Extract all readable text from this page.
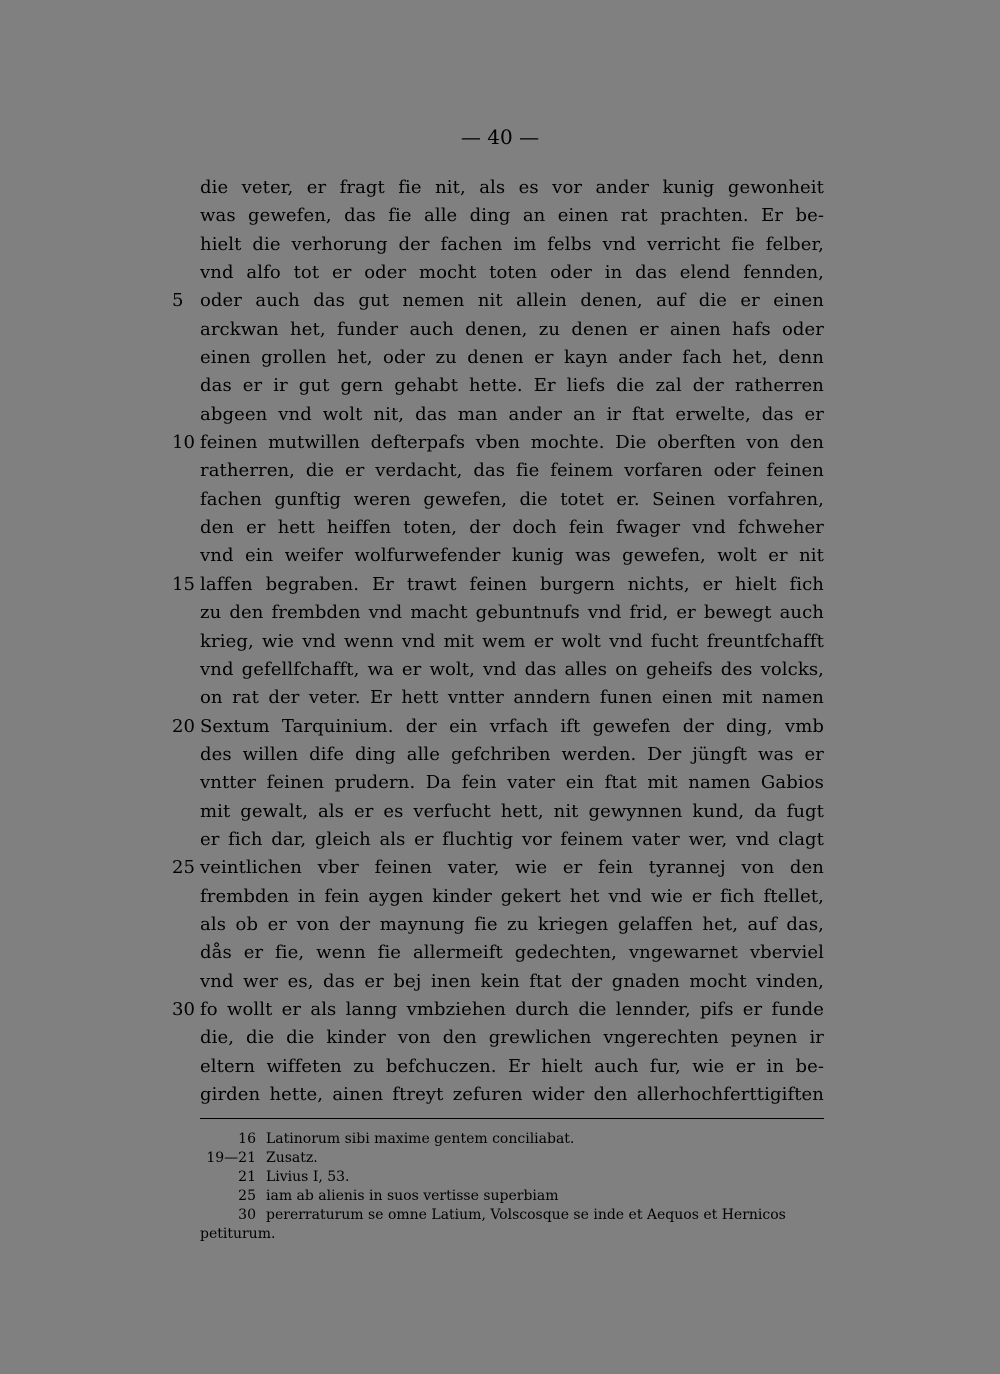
— 40 —
die veter, er fragt fie nit, als es vor ander kunig gewonheit
was gewefen, das fie alle ding an einen rat prachten. Er be-
hielt die verhorung der fachen im felbs vnd verricht fie felber,
vnd alfo tot er oder mocht toten oder in das elend fennden,
5 oder auch das gut nemen nit allein denen, auf die er einen
arckwan het, funder auch denen, zu denen er ainen hafs oder
einen grollen het, oder zu denen er kayn ander fach het, denn
das er ir gut gern gehabt hette. Er liefs die zal der ratherren
abgeen vnd wolt nit, das man ander an ir ftat erwelte, das er
10 feinen mutwillen defterpafs vben mochte. Die oberften von den
ratherren, die er verdacht, das fie feinem vorfaren oder feinen
fachen gunftig weren gewefen, die totet er. Seinen vorfahren,
den er hett heiffen toten, der doch fein fwager vnd fchweher
vnd ein weifer wolfurwefender kunig was gewefen, wolt er nit
15 laffen begraben. Er trawt feinen burgern nichts, er hielt fich
zu den frembden vnd macht gebuntnufs vnd frid, er bewegt auch
krieg, wie vnd wenn vnd mit wem er wolt vnd fucht freuntfchafft
vnd gefellfchafft, wa er wolt, vnd das alles on geheifs des volcks,
on rat der veter. Er hett vntter anndern funen einen mit namen
20 Sextum Tarquinium. der ein vrfach ift gewefen der ding, vmb
des willen dife ding alle gefchriben werden. Der jüngft was er
vntter feinen prudern. Da fein vater ein ftat mit namen Gabios
mit gewalt, als er es verfucht hett, nit gewynnen kund, da fugt
er fich dar, gleich als er fluchtig vor feinem vater wer, vnd clagt
25 veintlichen vber feinen vater, wie er fein tyrannej von den
frembden in fein aygen kinder gekert het vnd wie er fich ftellet,
als ob er von der maynung fie zu kriegen gelaffen het, auf das,
dås er fie, wenn fie allermeift gedechten, vngewarnet vberviel
vnd wer es, das er bej inen kein ftat der gnaden mocht vinden,
30 fo wollt er als lanng vmbziehen durch die lennder, pifs er funde
die, die die kinder von den grewlichen vngerechten peynen ir
eltern wiffeten zu befchuczen. Er hielt auch fur, wie er in be-
girden hette, ainen ftreyt zefuren wider den allerhochferttigiften
16 Latinorum sibi maxime gentem conciliabat.
19—21 Zusatz.
21 Livius I, 53.
25 iam ab alienis in suos vertisse superbiam
30 pererraturum se omne Latium, Volscosque se inde et Aequos et Hernicos petiturum.
